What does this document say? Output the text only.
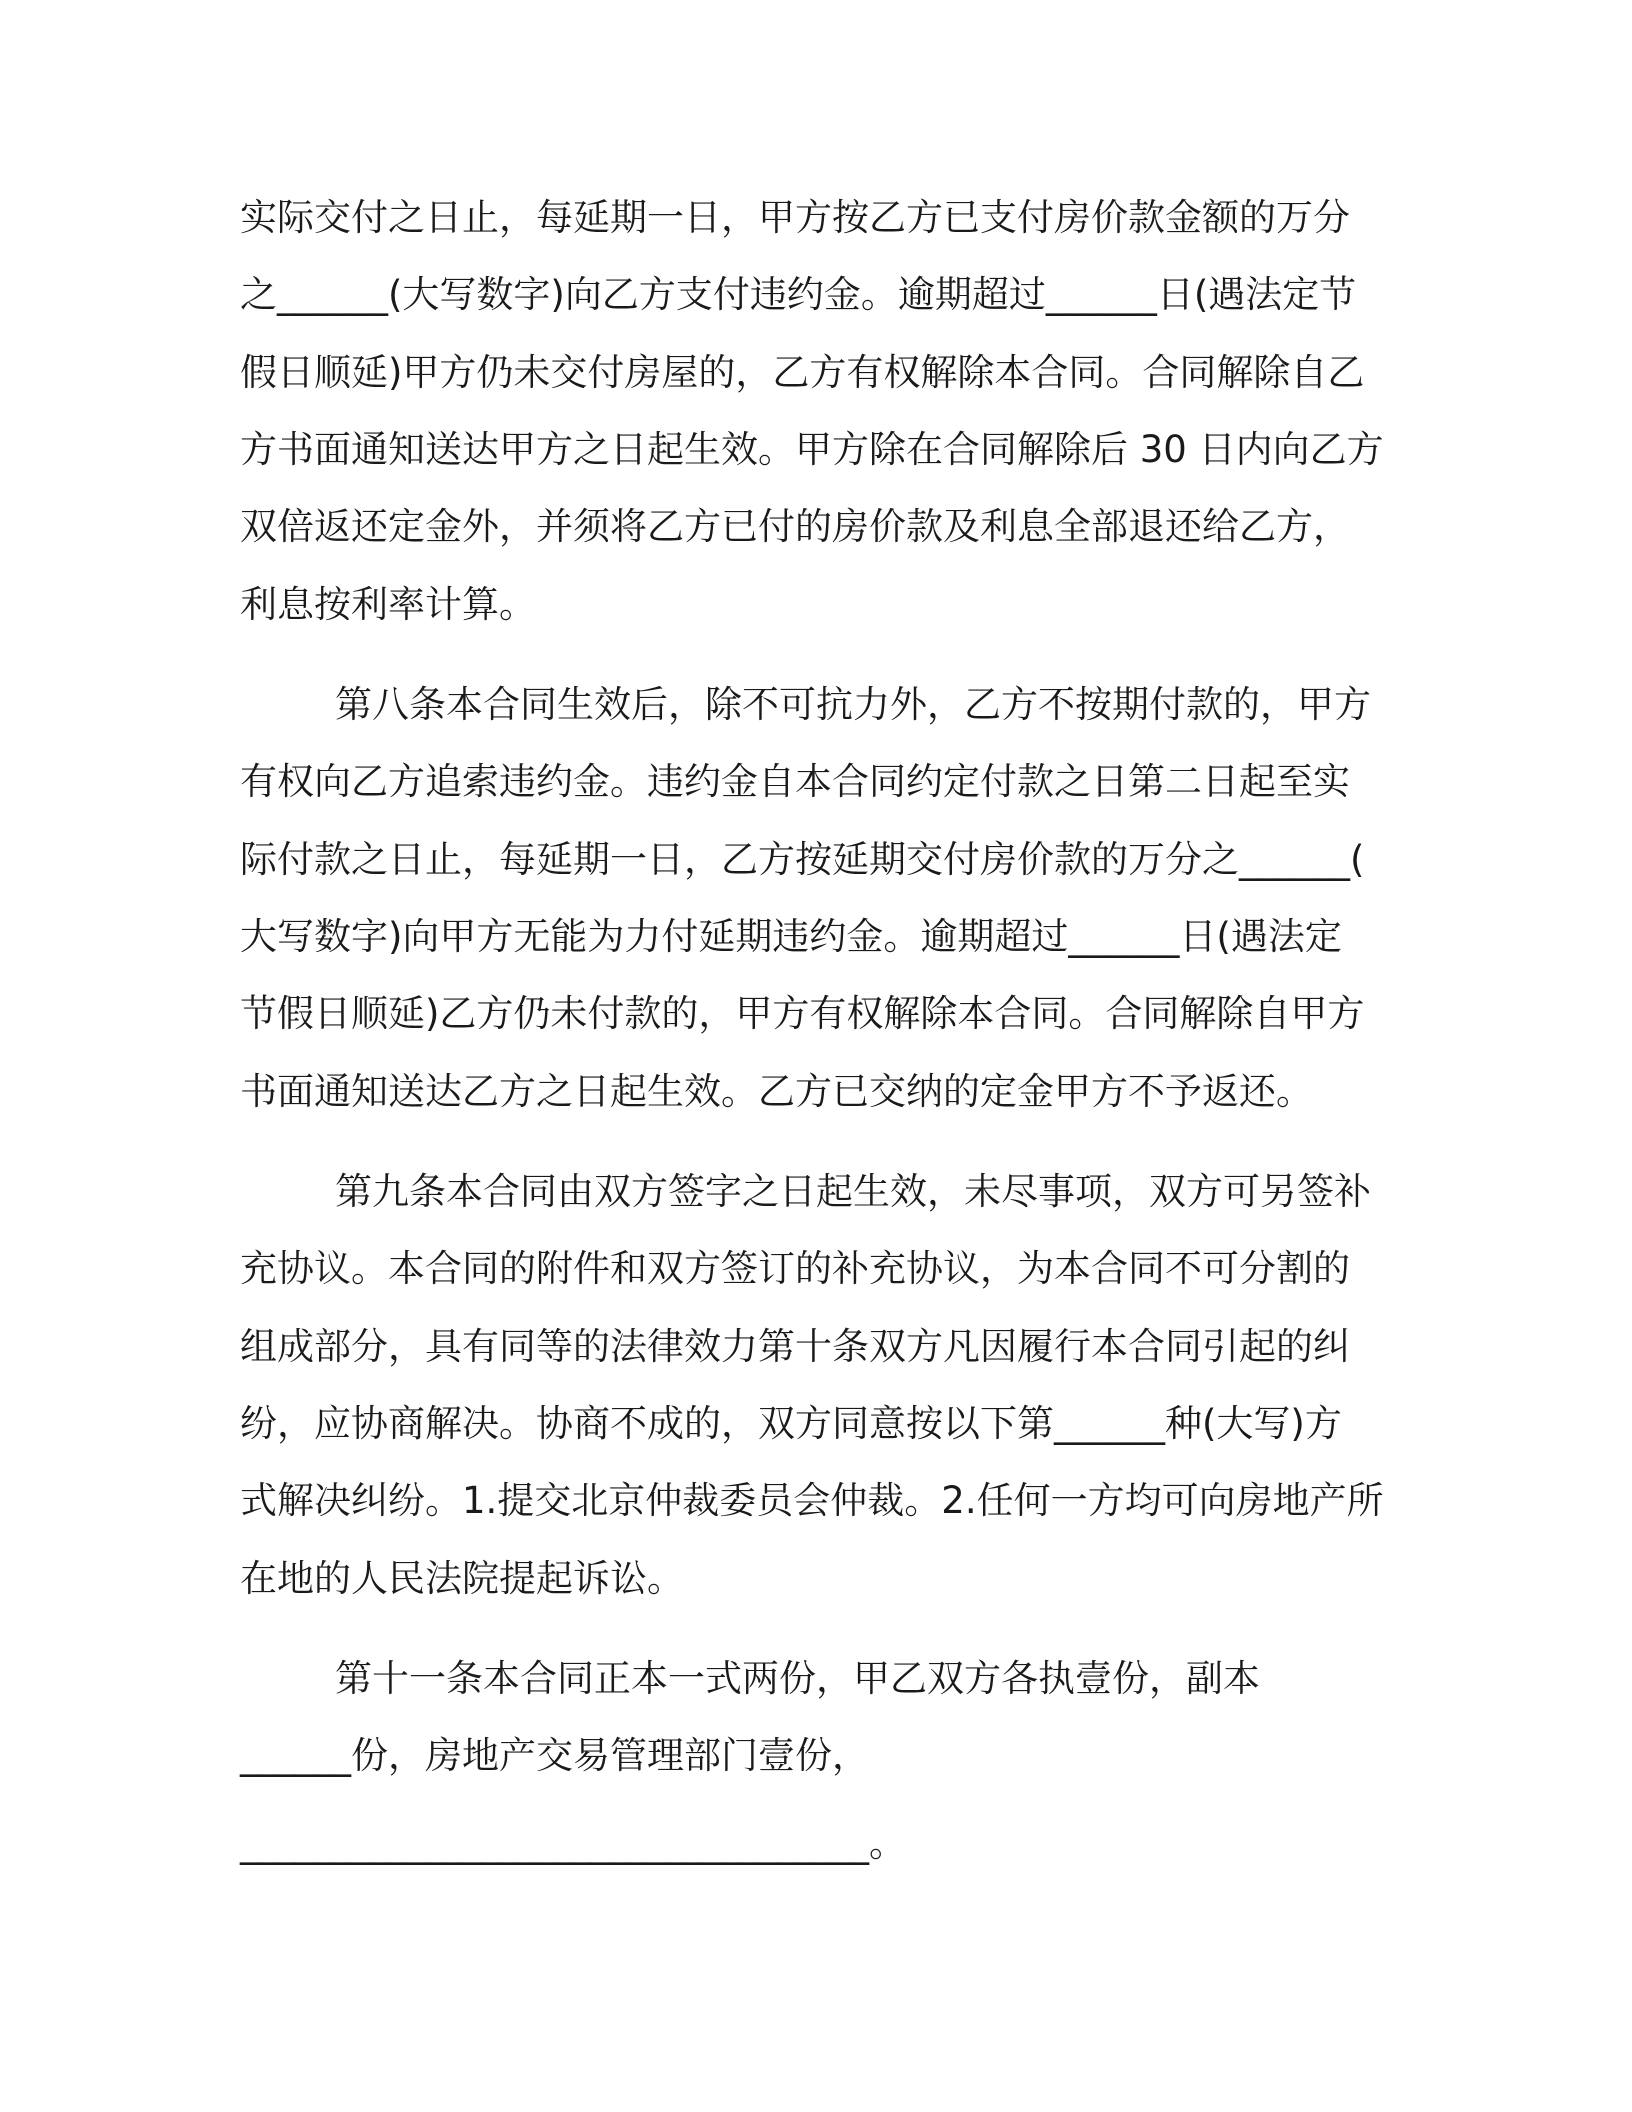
实际交付之日止，每延期一日，甲方按乙方已支付房价款金额的万分

之______(大写数字)向乙方支付违约金。逾期超过______日(遇法定节

假日顺延)甲方仍未交付房屋的，乙方有权解除本合同。合同解除自乙

方书面通知送达甲方之日起生效。甲方除在合同解除后 30 日内向乙方

双倍返还定金外，并须将乙方已付的房价款及利息全部退还给乙方，

利息按利率计算。

第八条本合同生效后，除不可抗力外，乙方不按期付款的，甲方

有权向乙方追索违约金。违约金自本合同约定付款之日第二日起至实

际付款之日止，每延期一日，乙方按延期交付房价款的万分之______(

大写数字)向甲方无能为力付延期违约金。逾期超过______日(遇法定

节假日顺延)乙方仍未付款的，甲方有权解除本合同。合同解除自甲方

书面通知送达乙方之日起生效。乙方已交纳的定金甲方不予返还。

第九条本合同由双方签字之日起生效，未尽事项，双方可另签补

充协议。本合同的附件和双方签订的补充协议，为本合同不可分割的

组成部分，具有同等的法律效力第十条双方凡因履行本合同引起的纠

纷，应协商解决。协商不成的，双方同意按以下第______种(大写)方

式解决纠纷。1.提交北京仲裁委员会仲裁。2.任何一方均可向房地产所

在地的人民法院提起诉讼。

第十一条本合同正本一式两份，甲乙双方各执壹份，副本

______份，房地产交易管理部门壹份，

__________________________________。
